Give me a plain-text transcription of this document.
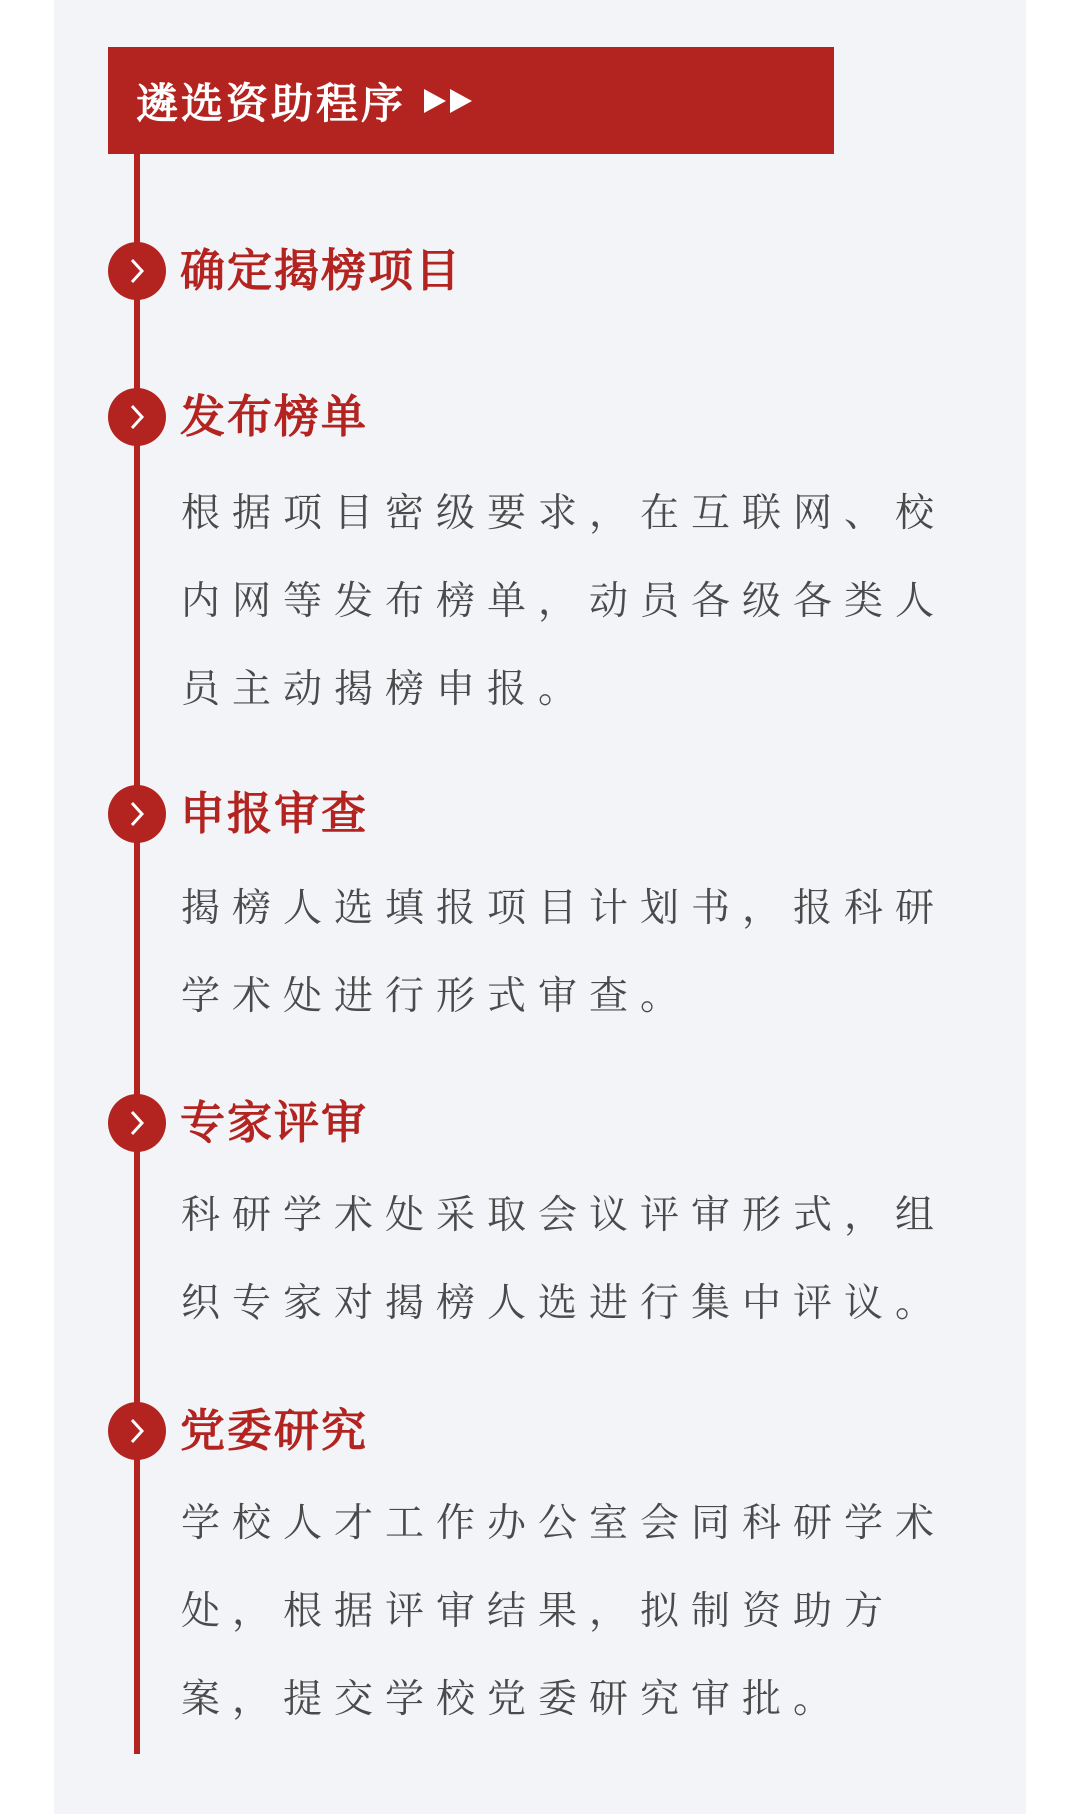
遴选资助程序
确定揭榜项目
发布榜单

根据项目密级要求，在互联网、校内网等发布榜单，动员各级各类人员主动揭榜申报。

申报审查

揭榜人选填报项目计划书，报科研学术处进行形式审查。

专家评审

科研学术处采取会议评审形式，组织专家对揭榜人选进行集中评议。

党委研究

学校人才工作办公室会同科研学术处，根据评审结果，拟制资助方案，提交学校党委研究审批。
